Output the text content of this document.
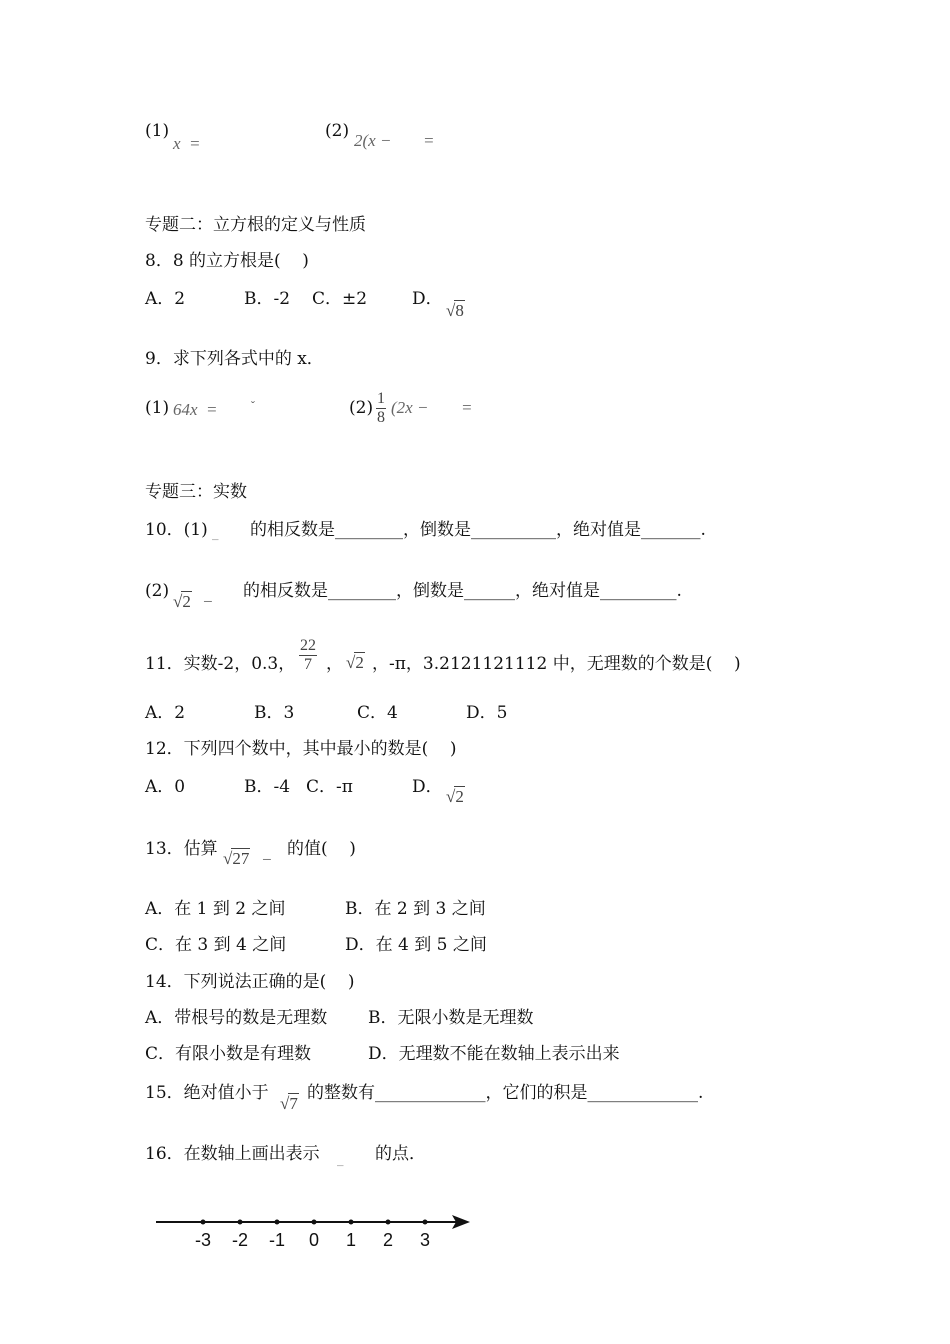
(1)
x  =
(2) 2(x − =
专题二：立方根的定义与性质
8．8 的立方根是(    )
A．2	B．-2 C．±2	D．
√8
9．求下列各式中的 x．
(1) 64x  = ˇ	$(2) \frac{1}{8} (2x$ − =
专题三：实数
10．(1) _ 的相反数是________，倒数是__________，绝对值是_______.
(2)
√2 −
的相反数是________，倒数是______，绝对值是_________.
11．实数-2，0.3， $\frac{22}{7}$ ， √2 ，-π，3.2121121112 中，无理数的个数是(    )
A．2	B．3	C．4	D．5
12．下列四个数中，其中最小的数是(    )
A．0	B．-4 C．-π	D． √2
13．估算 √27 −
的值(    )
A．在 1 到 2 之间	B．在 2 到 3 之间
C．在 3 到 4 之间	D．在 4 到 5 之间
14．下列说法正确的是(    )
A．带根号的数是无理数 B．无限小数是无理数
C．有限小数是有理数	D．无理数不能在数轴上表示出来
15．绝对值小于
√7
的整数有_____________，它们的积是_____________.
16．在数轴上画出表示 _ 的点．
-3 -2 -1 0 1 2 3
